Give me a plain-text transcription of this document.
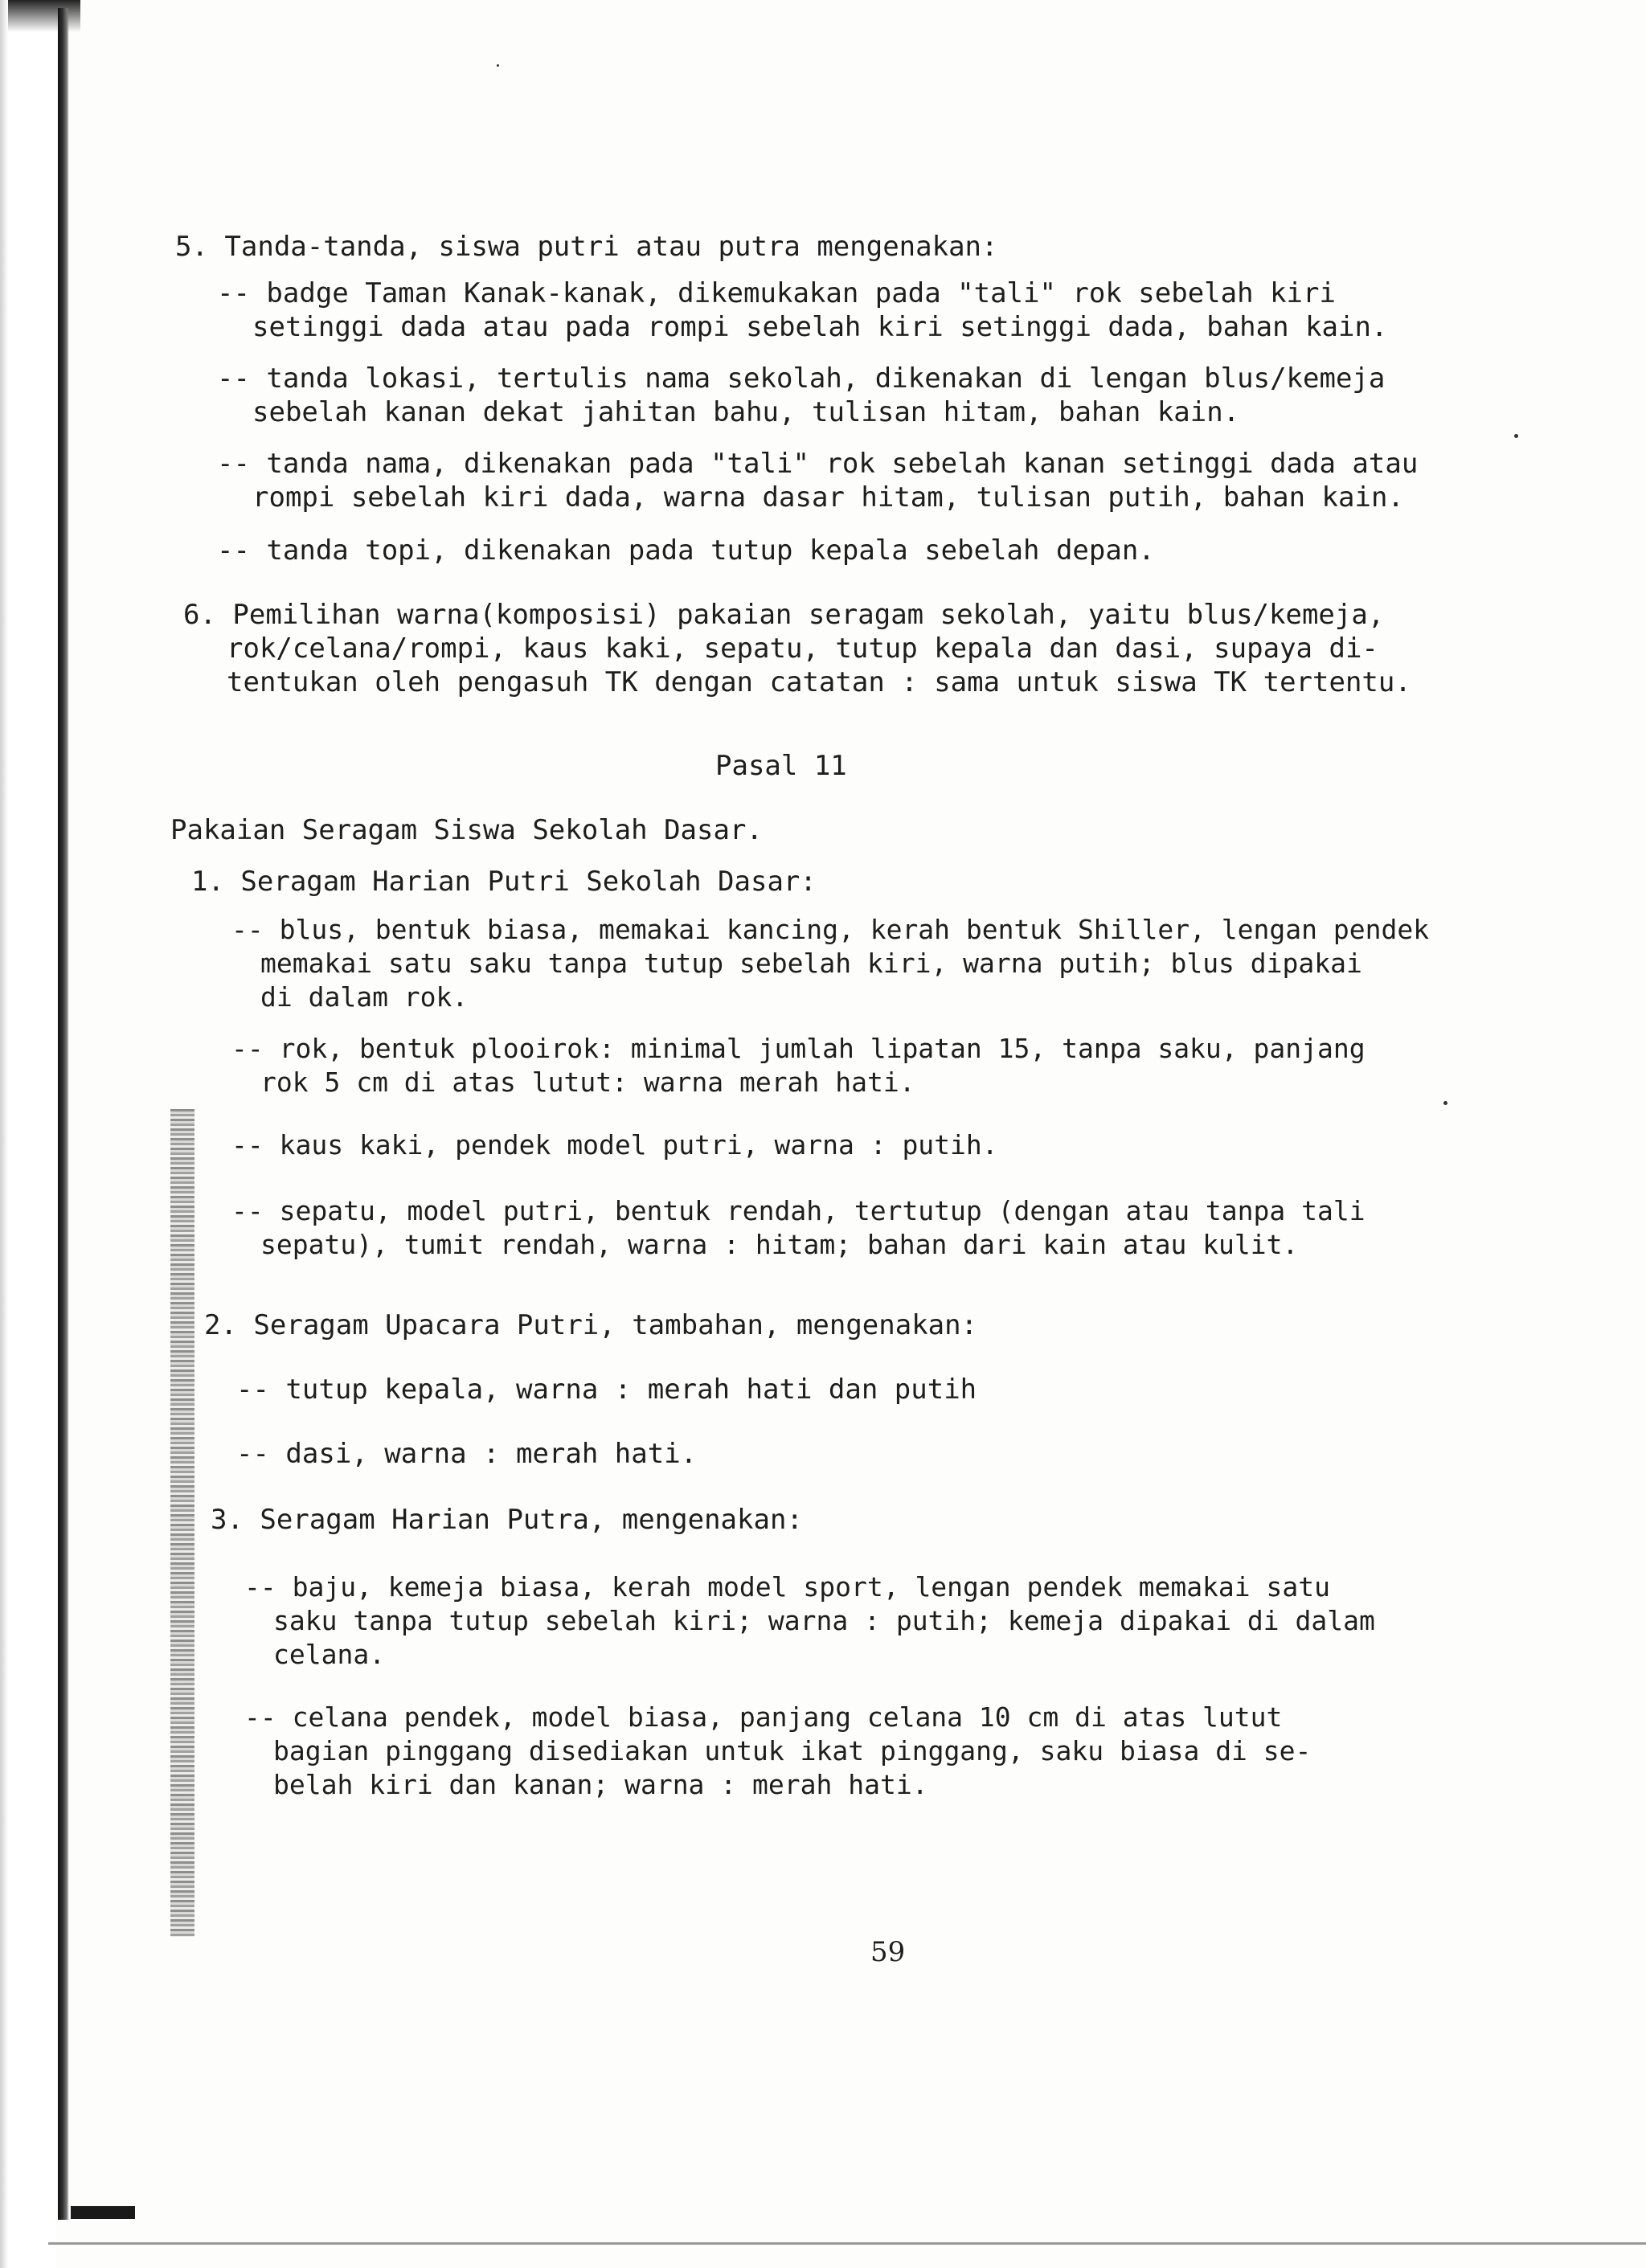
5. Tanda-tanda, siswa putri atau putra mengenakan:
-- badge Taman Kanak-kanak, dikemukakan pada "tali" rok sebelah kiri
setinggi dada atau pada rompi sebelah kiri setinggi dada, bahan kain.
-- tanda lokasi, tertulis nama sekolah, dikenakan di lengan blus/kemeja
sebelah kanan dekat jahitan bahu, tulisan hitam, bahan kain.
-- tanda nama, dikenakan pada "tali" rok sebelah kanan setinggi dada atau
rompi sebelah kiri dada, warna dasar hitam, tulisan putih, bahan kain.
-- tanda topi, dikenakan pada tutup kepala sebelah depan.
6. Pemilihan warna(komposisi) pakaian seragam sekolah, yaitu blus/kemeja,
rok/celana/rompi, kaus kaki, sepatu, tutup kepala dan dasi, supaya di-
tentukan oleh pengasuh TK dengan catatan : sama untuk siswa TK tertentu.
Pasal 11
Pakaian Seragam Siswa Sekolah Dasar.
1. Seragam Harian Putri Sekolah Dasar:
-- blus, bentuk biasa, memakai kancing, kerah bentuk Shiller, lengan pendek
memakai satu saku tanpa tutup sebelah kiri, warna putih; blus dipakai
di dalam rok.
-- rok, bentuk plooirok: minimal jumlah lipatan 15, tanpa saku, panjang
rok 5 cm di atas lutut: warna merah hati.
-- kaus kaki, pendek model putri, warna : putih.
-- sepatu, model putri, bentuk rendah, tertutup (dengan atau tanpa tali
sepatu), tumit rendah, warna : hitam; bahan dari kain atau kulit.
2. Seragam Upacara Putri, tambahan, mengenakan:
-- tutup kepala, warna : merah hati dan putih
-- dasi, warna : merah hati.
3. Seragam Harian Putra, mengenakan:
-- baju, kemeja biasa, kerah model sport, lengan pendek memakai satu
saku tanpa tutup sebelah kiri; warna : putih; kemeja dipakai di dalam
celana.
-- celana pendek, model biasa, panjang celana 10 cm di atas lutut
bagian pinggang disediakan untuk ikat pinggang, saku biasa di se-
belah kiri dan kanan; warna : merah hati.
59
